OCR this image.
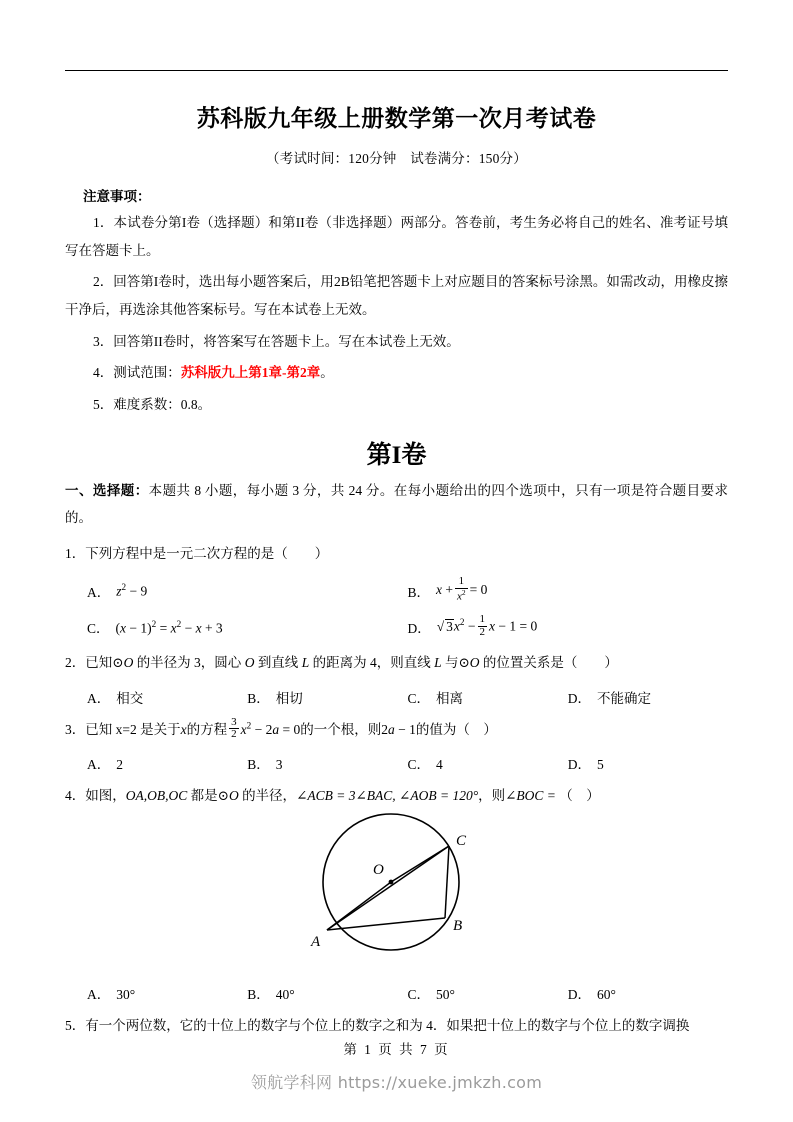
苏科版九年级上册数学第一次月考试卷
（考试时间：120分钟　试卷满分：150分）
注意事项：
1．本试卷分第I卷（选择题）和第II卷（非选择题）两部分。答卷前，考生务必将自己的姓名、准考证号填写在答题卡上。
2．回答第I卷时，选出每小题答案后，用2B铅笔把答题卡上对应题目的答案标号涂黑。如需改动，用橡皮擦干净后，再选涂其他答案标号。写在本试卷上无效。
3．回答第II卷时，将答案写在答题卡上。写在本试卷上无效。
4．测试范围：苏科版九上第1章-第2章。
5．难度系数：0.8。
第I卷
一、选择题：本题共 8 小题，每小题 3 分，共 24 分。在每小题给出的四个选项中，只有一项是符合题目要求的。
1．下列方程中是一元二次方程的是（　　）
A． $z^2 - 9$	B． $x + \frac{1}{x^2} = 0$
C． $(x - 1)^2 = x^2 - x + 3$	D． √ $3x^2 - \frac{1}{2}$ x − 1 = 0
2．已知⊙O 的半径为 3，圆心 O 到直线 L 的距离为 4，则直线 L 与⊙O 的位置关系是（　　）
A． 相交	B． 相切	C． 相离	D． 不能确定
3． 已知 x=2 是关于 x 的方程 $\frac{3}{2} x^2 - 2a = 0$ 的一个根，则 2a − 1 的值为（　）
A． 2	B． 3	C． 4	D． 5
4．如图，OA,OB,OC 都是⊙O 的半径，∠ACB = 3∠BAC, ∠AOB = 120°，则∠BOC = （　）
O
C
B
A
A． 30°	B． 40°	C． 50°	D． 60°
5．有一个两位数，它的十位上的数字与个位上的数字之和为 4．如果把十位上的数字与个位上的数字调换
第 1 页 共 7 页
领航学科网 https://xueke.jmkzh.com
